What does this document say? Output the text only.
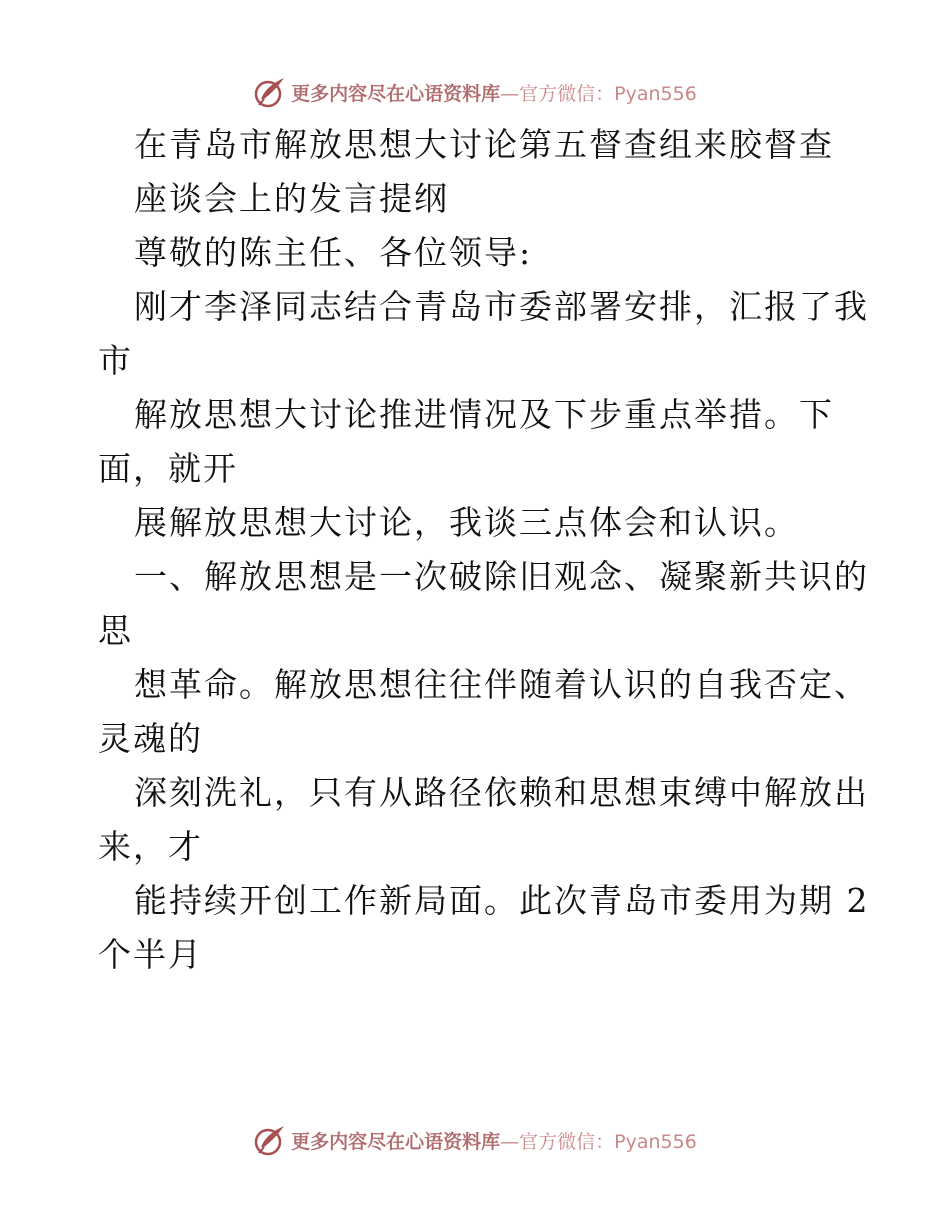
更多内容尽在心语资料库 —官方微信：Pyan556
在青岛市解放思想大讨论第五督查组来胶督查
座谈会上的发言提纲
尊敬的陈主任、各位领导:
刚才李泽同志结合青岛市委部署安排，汇报了我
市
解放思想大讨论推进情况及下步重点举措。下
面，就开
展解放思想大讨论，我谈三点体会和认识。
一、解放思想是一次破除旧观念、凝聚新共识的
思
想革命。解放思想往往伴随着认识的自我否定、
灵魂的
深刻洗礼，只有从路径依赖和思想束缚中解放出
来，才
能持续开创工作新局面。此次青岛市委用为期 2
个半月
更多内容尽在心语资料库 —官方微信：Pyan556
